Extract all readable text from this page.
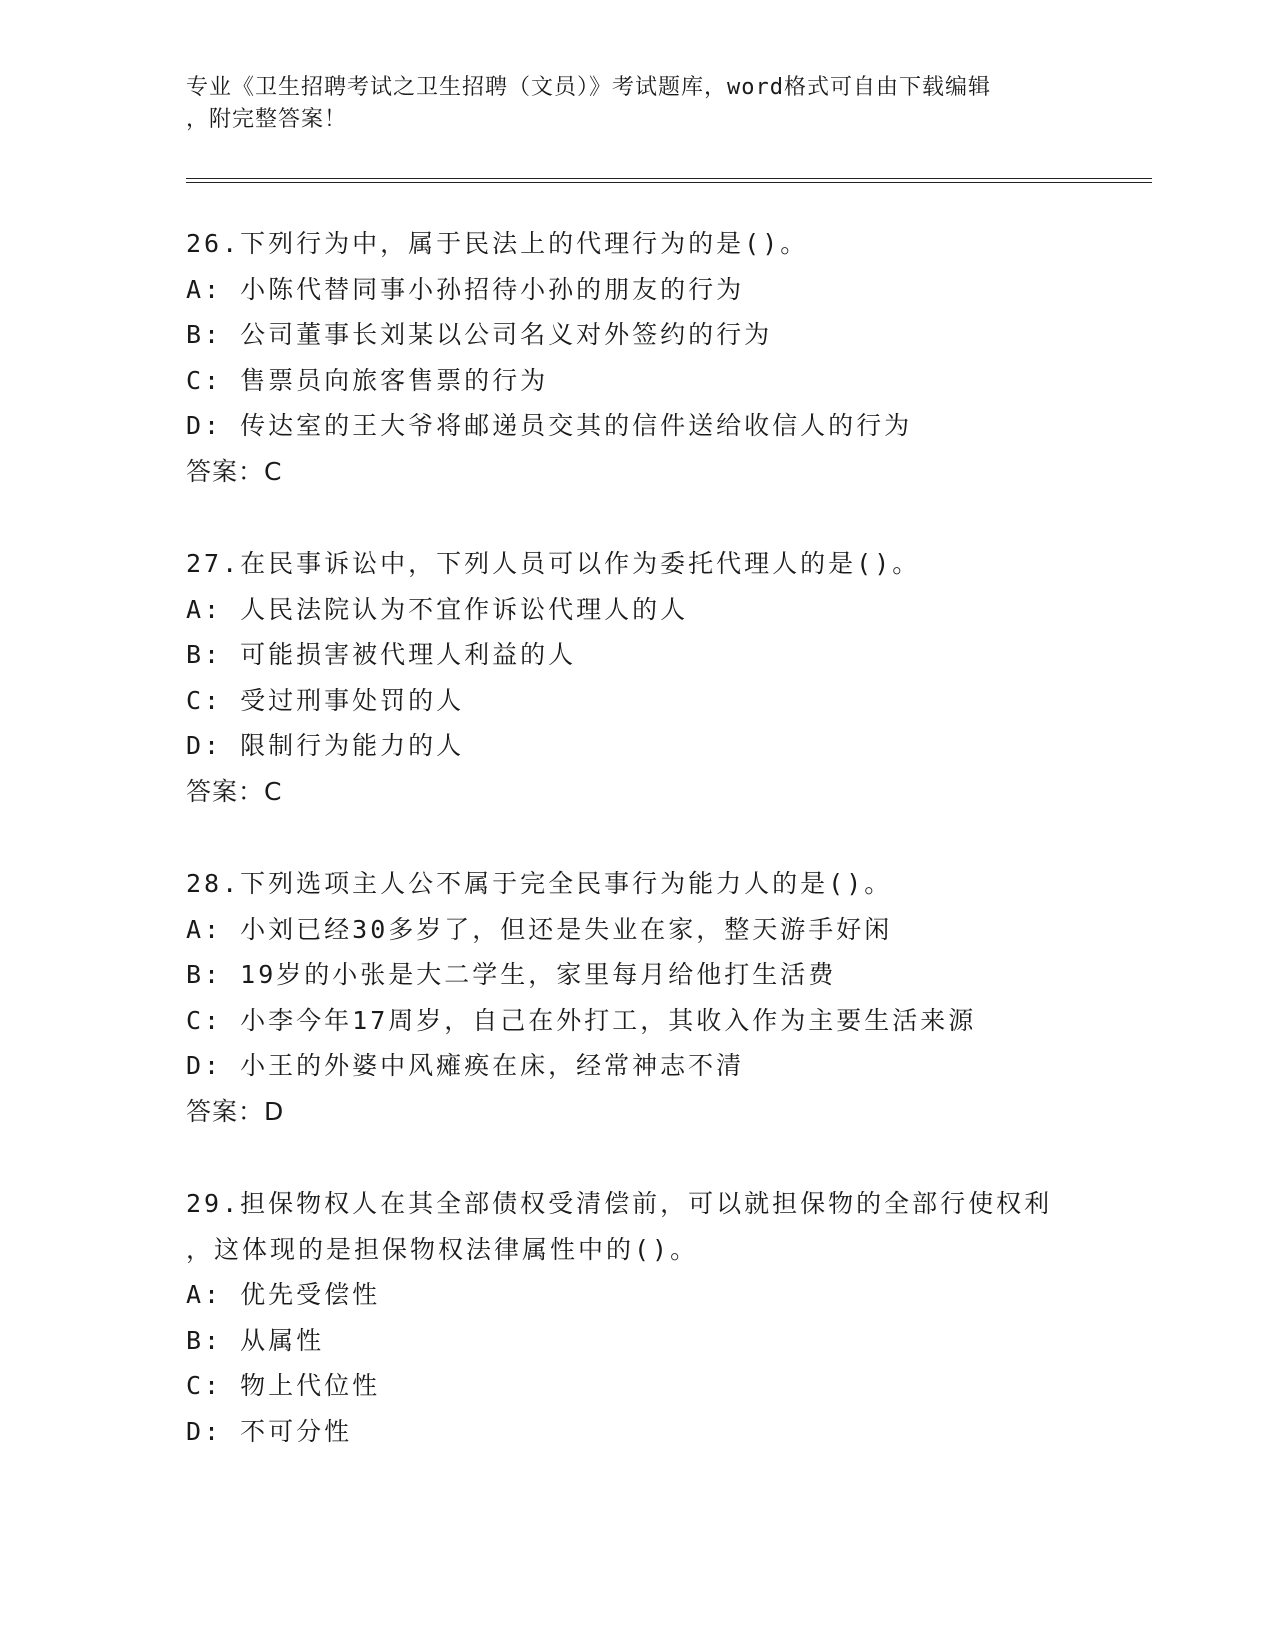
专业《卫生招聘考试之卫生招聘（文员）》考试题库，word格式可自由下载编辑
，附完整答案！
26.下列行为中，属于民法上的代理行为的是()。
A: 小陈代替同事小孙招待小孙的朋友的行为
B: 公司董事长刘某以公司名义对外签约的行为
C: 售票员向旅客售票的行为
D: 传达室的王大爷将邮递员交其的信件送给收信人的行为
答案：C
27.在民事诉讼中，下列人员可以作为委托代理人的是()。
A: 人民法院认为不宜作诉讼代理人的人
B: 可能损害被代理人利益的人
C: 受过刑事处罚的人
D: 限制行为能力的人
答案：C
28.下列选项主人公不属于完全民事行为能力人的是()。
A: 小刘已经30多岁了，但还是失业在家，整天游手好闲
B: 19岁的小张是大二学生，家里每月给他打生活费
C: 小李今年17周岁，自己在外打工，其收入作为主要生活来源
D: 小王的外婆中风瘫痪在床，经常神志不清
答案：D
29.担保物权人在其全部债权受清偿前，可以就担保物的全部行使权利
，这体现的是担保物权法律属性中的()。
A: 优先受偿性
B: 从属性
C: 物上代位性
D: 不可分性
